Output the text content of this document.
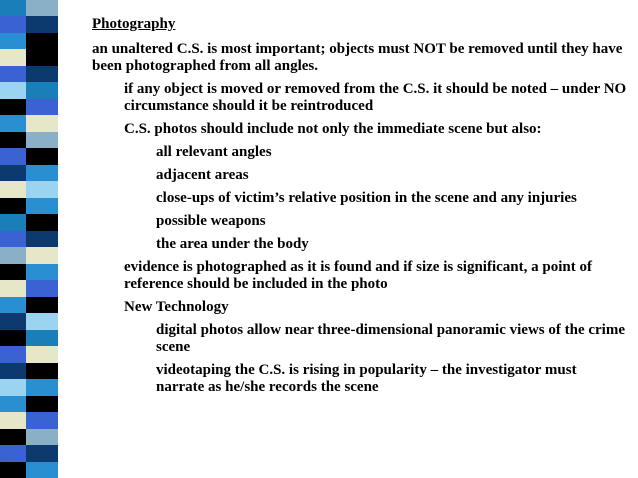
Photography
an unaltered C.S. is most important; objects must NOT be removed until they have been photographed from all angles.
if any object is moved or removed from the C.S. it should be noted – under NO circumstance should it be reintroduced
C.S. photos should include not only the immediate scene but also:
all relevant angles
adjacent areas
close-ups of victim’s relative position in the scene and any injuries
possible weapons
the area under the body
evidence is photographed as it is found and if size is significant, a point of reference should be included in the photo
New Technology
digital photos allow near three-dimensional panoramic views of the crime scene
videotaping the C.S. is rising in popularity – the investigator must narrate as he/she records the scene
